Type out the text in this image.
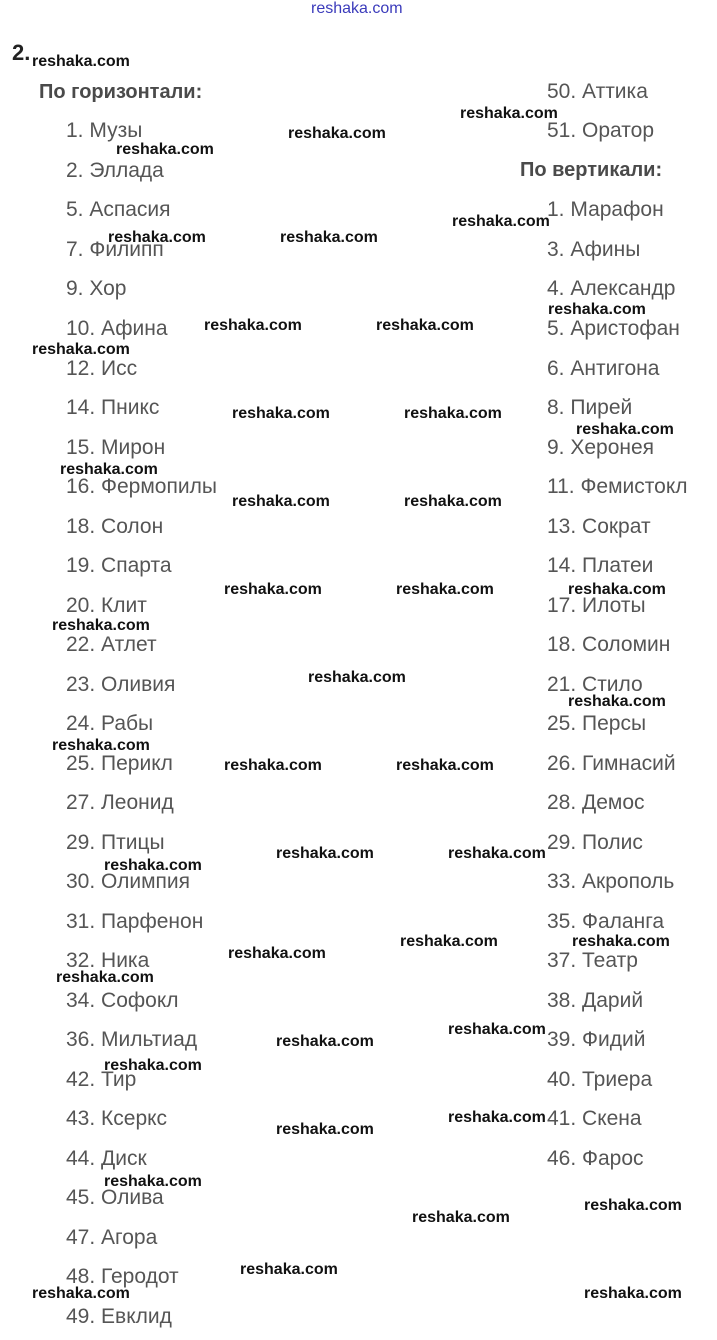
reshaka.com
2.
По горизонтали:
По вертикали:
1. Музы
2. Эллада
5. Аспасия
7. Филипп
9. Хор
10. Афина
12. Исс
14. Пникс
15. Мирон
16. Фермопилы
18. Солон
19. Спарта
20. Клит
22. Атлет
23. Оливия
24. Рабы
25. Перикл
27. Леонид
29. Птицы
30. Олимпия
31. Парфенон
32. Ника
34. Софокл
36. Мильтиад
42. Тир
43. Ксеркс
44. Диск
45. Олива
47. Агора
48. Геродот
49. Евклид
50. Аттика
51. Оратор
1. Марафон
3. Афины
4. Александр
5. Аристофан
6. Антигона
8. Пирей
9. Херонея
11. Фемистокл
13. Сократ
14. Платеи
17. Илоты
18. Соломин
21. Стило
25. Персы
26. Гимнасий
28. Демос
29. Полис
33. Акрополь
35. Фаланга
37. Театр
38. Дарий
39. Фидий
40. Триера
41. Скена
46. Фарос
reshaka.com
reshaka.com
reshaka.com
reshaka.com
reshaka.com
reshaka.com	reshaka.com
reshaka.com
reshaka.com	reshaka.com
reshaka.com
reshaka.com	reshaka.com
reshaka.com
reshaka.com
reshaka.com	reshaka.com
reshaka.com	reshaka.com	reshaka.com
reshaka.com
reshaka.com
reshaka.com
reshaka.com
reshaka.com	reshaka.com
reshaka.com	reshaka.com
reshaka.com
reshaka.com	reshaka.com
reshaka.com
reshaka.com
reshaka.com
reshaka.com
reshaka.com
reshaka.com
reshaka.com
reshaka.com
reshaka.com
reshaka.com
reshaka.com
reshaka.com	reshaka.com
